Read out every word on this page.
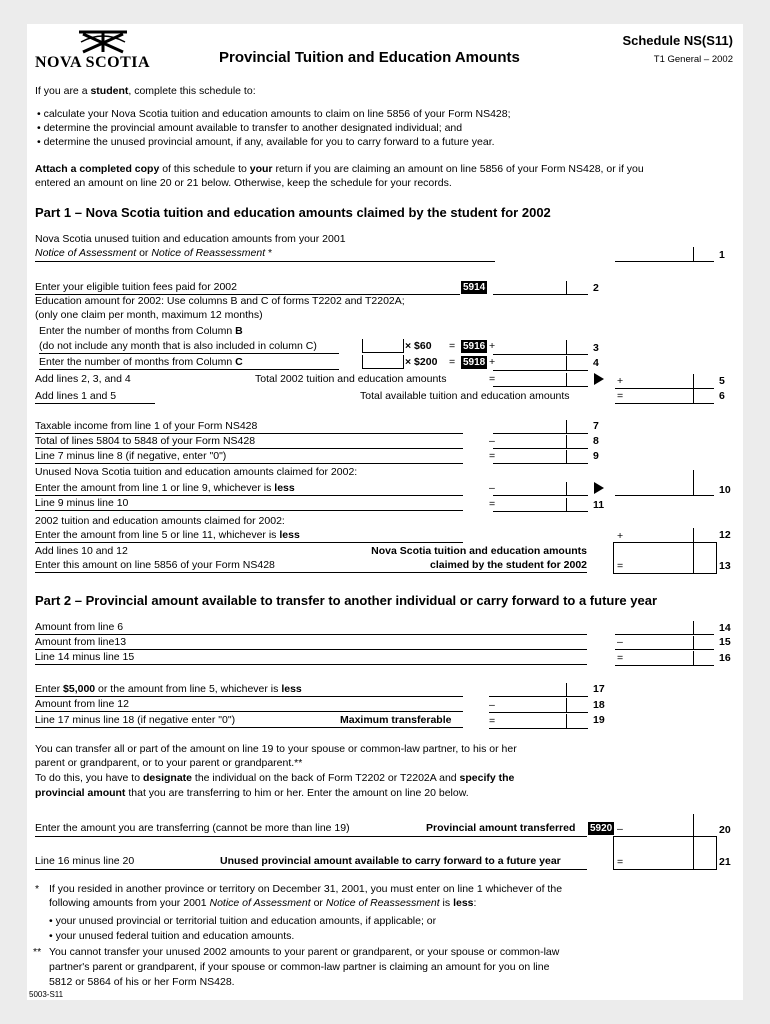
NOVA SCOTIA	Provincial Tuition and Education Amounts
Schedule NS(S11)
T1 General – 2002
If you are a student, complete this schedule to:
• calculate your Nova Scotia tuition and education amounts to claim on line 5856 of your Form NS428;
• determine the provincial amount available to transfer to another designated individual; and
• determine the unused provincial amount, if any, available for you to carry forward to a future year.
Attach a completed copy of this schedule to your return if you are claiming an amount on line 5856 of your Form NS428, or if you
entered an amount on line 20 or 21 below. Otherwise, keep the schedule for your records.
Part 1 – Nova Scotia tuition and education amounts claimed by the student for 2002
Nova Scotia unused tuition and education amounts from your 2001
Notice of Assessment or Notice of Reassessment *	1
Enter your eligible tuition fees paid for 2002	5914	2
Education amount for 2002: Use columns B and C of forms T2202 and T2202A;
(only one claim per month, maximum 12 months)
Enter the number of months from Column B
(do not include any month that is also included in column C)	× $60 = 5916 +	3
Enter the number of months from Column C	× $200 = 5918 +	4
Add lines 2, 3, and 4	Total 2002 tuition and education amounts	=	+	5
Add lines 1 and 5	Total available tuition and education amounts	=	6
Taxable income from line 1 of your Form NS428	7
Total of lines 5804 to 5848 of your Form NS428	–	8
Line 7 minus line 8 (if negative, enter "0")	=	9
Unused Nova Scotia tuition and education amounts claimed for 2002:
Enter the amount from line 1 or line 9, whichever is less	–	10
Line 9 minus line 10	=	11
2002 tuition and education amounts claimed for 2002:
Enter the amount from line 5 or line 11, whichever is less	+	12
Add lines 10 and 12
Enter this amount on line 5856 of your Form NS428
Nova Scotia tuition and education amounts
claimed by the student for 2002	=	13
Part 2 – Provincial amount available to transfer to another individual or carry forward to a future year
Amount from line 6	14
Amount from line13	–	15
Line 14 minus line 15	=	16
Enter $5,000 or the amount from line 5, whichever is less	17
Amount from line 12	–	18
Line 17 minus line 18 (if negative enter "0")	Maximum transferable	=	19
You can transfer all or part of the amount on line 19 to your spouse or common-law partner, to his or her
parent or grandparent, or to your parent or grandparent.**
To do this, you have to designate the individual on the back of Form T2202 or T2202A and specify the
provincial amount that you are transferring to him or her. Enter the amount on line 20 below.
Enter the amount you are transferring (cannot be more than line 19)	Provincial amount transferred 5920 –	20
Line 16 minus line 20	Unused provincial amount available to carry forward to a future year	=	21
* If you resided in another province or territory on December 31, 2001, you must enter on line 1 whichever of the
following amounts from your 2001 Notice of Assessment or Notice of Reassessment is less:
• your unused provincial or territorial tuition and education amounts, if applicable; or
• your unused federal tuition and education amounts.
** You cannot transfer your unused 2002 amounts to your parent or grandparent, or your spouse or common-law
partner's parent or grandparent, if your spouse or common-law partner is claiming an amount for you on line
5812 or 5864 of his or her Form NS428.
5003-S11
